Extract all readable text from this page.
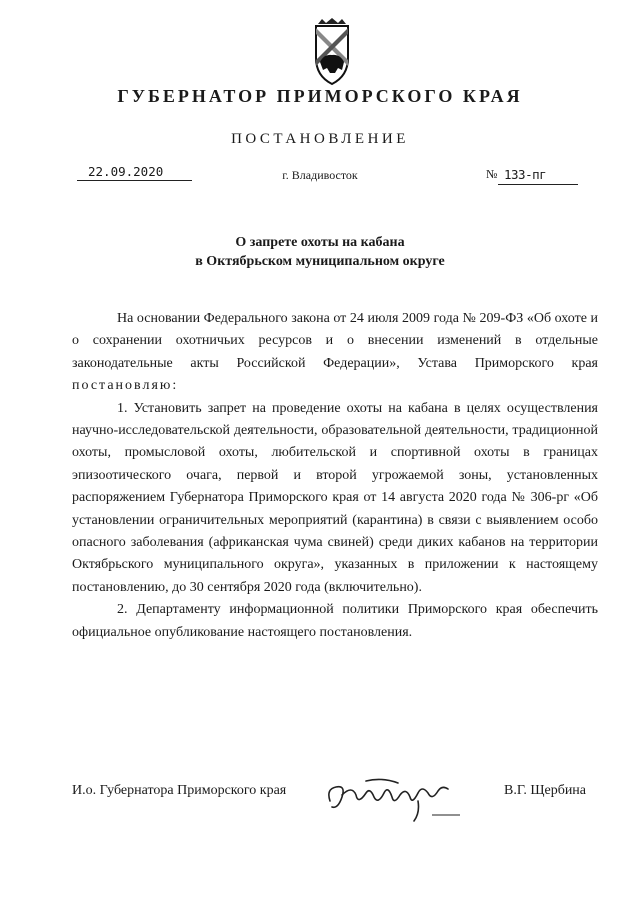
ГУБЕРНАТОР ПРИМОРСКОГО КРАЯ
ПОСТАНОВЛЕНИЕ
22.09.2020	г. Владивосток	№ 133-пг
О запрете охоты на кабана
в Октябрьском муниципальном округе

На основании Федерального закона от 24 июля 2009 года № 209-ФЗ «Об охоте и о сохранении охотничьих ресурсов и о внесении изменений в отдельные законодательные акты Российской Федерации», Устава Приморского края постановляю:

1. Установить запрет на проведение охоты на кабана в целях осуществления научно-исследовательской деятельности, образовательной деятельности, традиционной охоты, промысловой охоты, любительской и спортивной охоты в границах эпизоотического очага, первой и второй угрожаемой зоны, установленных распоряжением Губернатора Приморского края от 14 августа 2020 года № 306-рг «Об установлении ограничительных мероприятий (карантина) в связи с выявлением особо опасного заболевания (африканская чума свиней) среди диких кабанов на территории Октябрьского муниципального округа», указанных в приложении к настоящему постановлению, до 30 сентября 2020 года (включительно).

2. Департаменту информационной политики Приморского края обеспечить официальное опубликование настоящего постановления.

И.о. Губернатора Приморского края	В.Г. Щербина
